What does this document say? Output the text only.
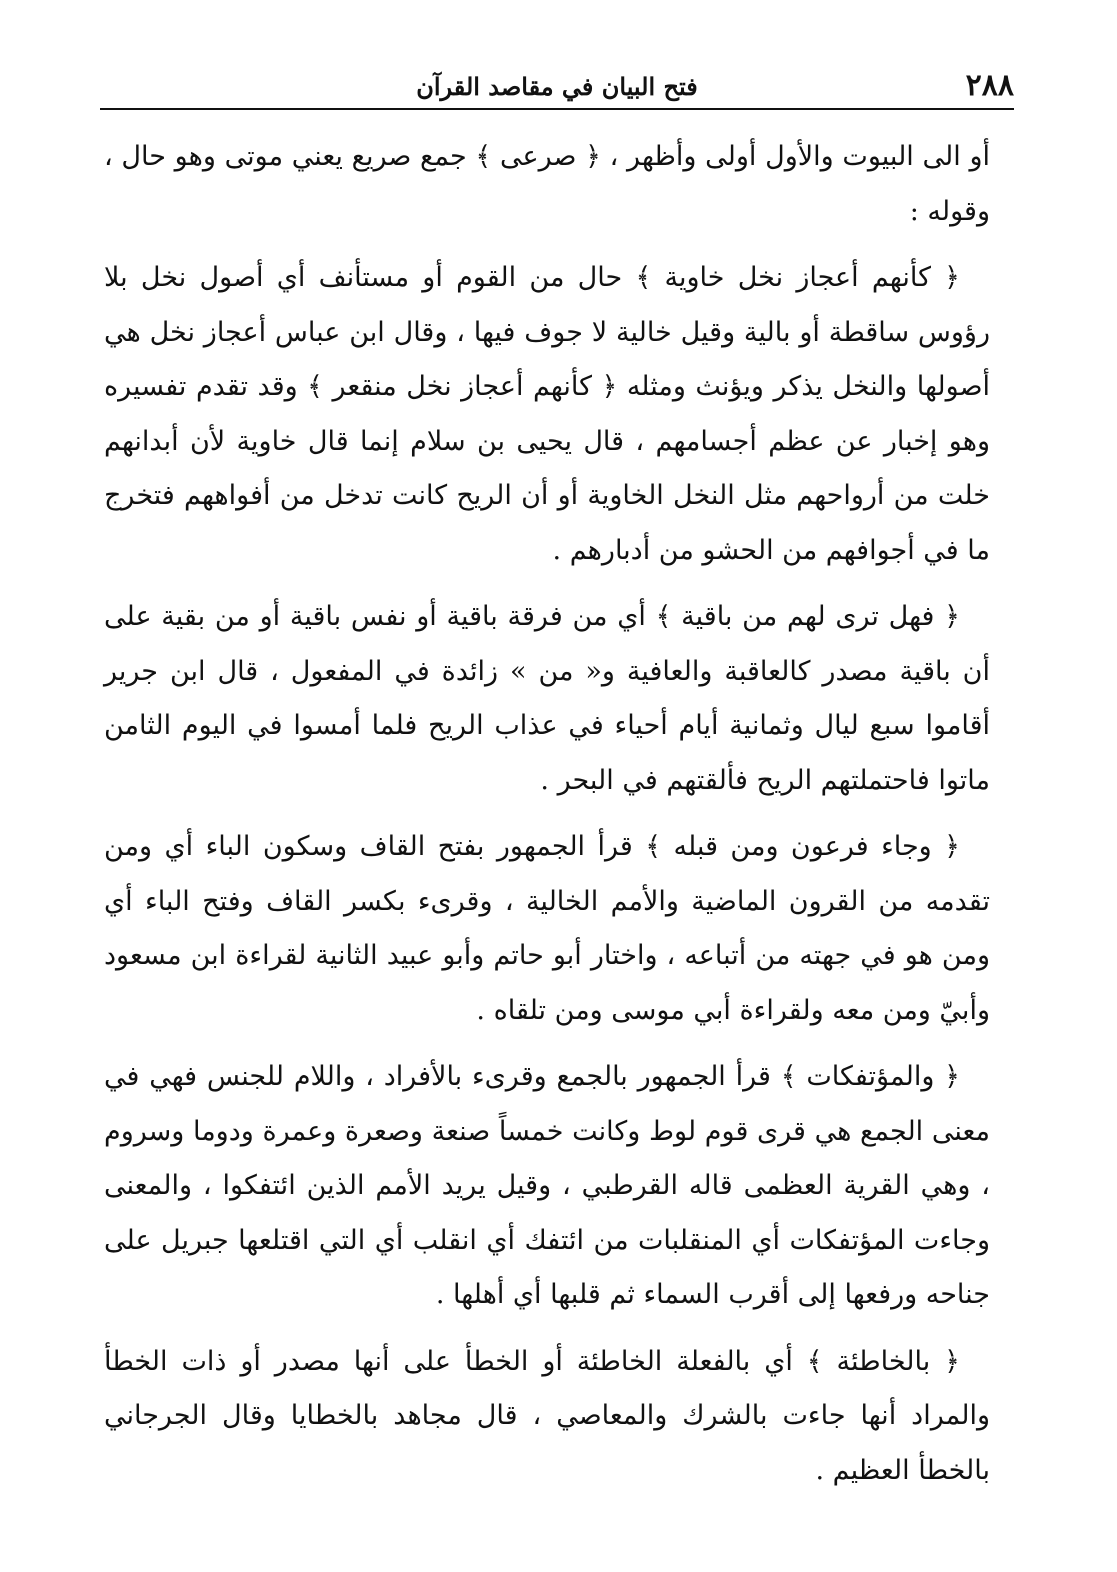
٢٨٨
فتح البيان في مقاصد القرآن

أو الى البيوت والأول أولى وأظهر ، ﴿ صرعى ﴾ جمع صريع يعني موتى وهو حال ، وقوله :

﴿ كأنهم أعجاز نخل خاوية ﴾ حال من القوم أو مستأنف أي أصول نخل بلا رؤوس ساقطة أو بالية وقيل خالية لا جوف فيها ، وقال ابن عباس أعجاز نخل هي أصولها والنخل يذكر ويؤنث ومثله ﴿ كأنهم أعجاز نخل منقعر ﴾ وقد تقدم تفسيره وهو إخبار عن عظم أجسامهم ، قال يحيى بن سلام إنما قال خاوية لأن أبدانهم خلت من أرواحهم مثل النخل الخاوية أو أن الريح كانت تدخل من أفواههم فتخرج ما في أجوافهم من الحشو من أدبارهم .

﴿ فهل ترى لهم من باقية ﴾ أي من فرقة باقية أو نفس باقية أو من بقية على أن باقية مصدر كالعاقبة والعافية و« من » زائدة في المفعول ، قال ابن جرير أقاموا سبع ليال وثمانية أيام أحياء في عذاب الريح فلما أمسوا في اليوم الثامن ماتوا فاحتملتهم الريح فألقتهم في البحر .

﴿ وجاء فرعون ومن قبله ﴾ قرأ الجمهور بفتح القاف وسكون الباء أي ومن تقدمه من القرون الماضية والأمم الخالية ، وقرىء بكسر القاف وفتح الباء أي ومن هو في جهته من أتباعه ، واختار أبو حاتم وأبو عبيد الثانية لقراءة ابن مسعود وأبيّ ومن معه ولقراءة أبي موسى ومن تلقاه .

﴿ والمؤتفكات ﴾ قرأ الجمهور بالجمع وقرىء بالأفراد ، واللام للجنس فهي في معنى الجمع هي قرى قوم لوط وكانت خمساً صنعة وصعرة وعمرة ودوما وسروم ، وهي القرية العظمى قاله القرطبي ، وقيل يريد الأمم الذين ائتفكوا ، والمعنى وجاءت المؤتفكات أي المنقلبات من ائتفك أي انقلب أي التي اقتلعها جبريل على جناحه ورفعها إلى أقرب السماء ثم قلبها أي أهلها .

﴿ بالخاطئة ﴾ أي بالفعلة الخاطئة أو الخطأ على أنها مصدر أو ذات الخطأ والمراد أنها جاءت بالشرك والمعاصي ، قال مجاهد بالخطايا وقال الجرجاني بالخطأ العظيم .
